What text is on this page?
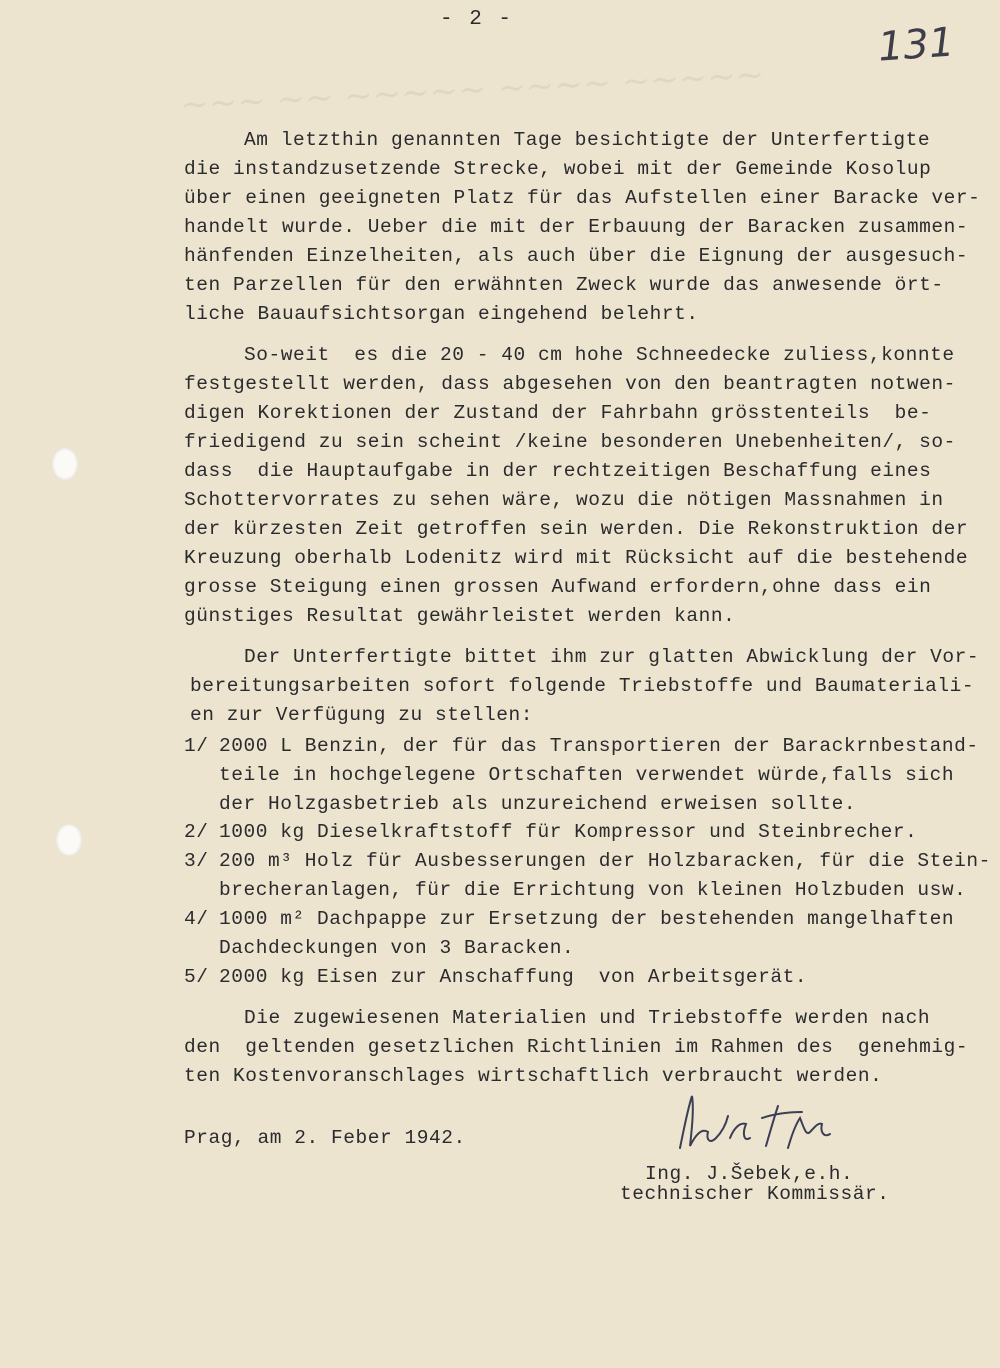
~~~ ~~ ~~~~~ ~~~~ ~~~~~
- 2 -	131
Am letzthin genannten Tage besichtigte der Unterfertigte
die instandzusetzende Strecke, wobei mit der Gemeinde Kosolup
über einen geeigneten Platz für das Aufstellen einer Baracke ver-
handelt wurde. Ueber die mit der Erbauung der Baracken zusammen-
hänfenden Einzelheiten, als auch über die Eignung der ausgesuch-
ten Parzellen für den erwähnten Zweck wurde das anwesende ört-
liche Bauaufsichtsorgan eingehend belehrt.
So-weit  es die 20 - 40 cm hohe Schneedecke zuliess,konnte
festgestellt werden, dass abgesehen von den beantragten notwen-
digen Korektionen der Zustand der Fahrbahn grösstenteils  be-
friedigend zu sein scheint /keine besonderen Unebenheiten/, so-
dass  die Hauptaufgabe in der rechtzeitigen Beschaffung eines
Schottervorrates zu sehen wäre, wozu die nötigen Massnahmen in
der kürzesten Zeit getroffen sein werden. Die Rekonstruktion der
Kreuzung oberhalb Lodenitz wird mit Rücksicht auf die bestehende
grosse Steigung einen grossen Aufwand erfordern,ohne dass ein
günstiges Resultat gewährleistet werden kann.
Der Unterfertigte bittet ihm zur glatten Abwicklung der Vor-
bereitungsarbeiten sofort folgende Triebstoffe und Baumateriali-
en zur Verfügung zu stellen:
1/ 2000 L Benzin, der für das Transportieren der Barackrnbestand-
teile in hochgelegene Ortschaften verwendet würde,falls sich
der Holzgasbetrieb als unzureichend erweisen sollte.
2/ 1000 kg Dieselkraftstoff für Kompressor und Steinbrecher.
3/ 200 m³ Holz für Ausbesserungen der Holzbaracken, für die Stein-
brecheranlagen, für die Errichtung von kleinen Holzbuden usw.
4/ 1000 m² Dachpappe zur Ersetzung der bestehenden mangelhaften
Dachdeckungen von 3 Baracken.
5/ 2000 kg Eisen zur Anschaffung  von Arbeitsgerät.
Die zugewiesenen Materialien und Triebstoffe werden nach
den  geltenden gesetzlichen Richtlinien im Rahmen des  genehmig-
ten Kostenvoranschlages wirtschaftlich verbraucht werden.
Prag, am 2. Feber 1942.
Ing. J.Šebek,e.h.
technischer Kommissär.
